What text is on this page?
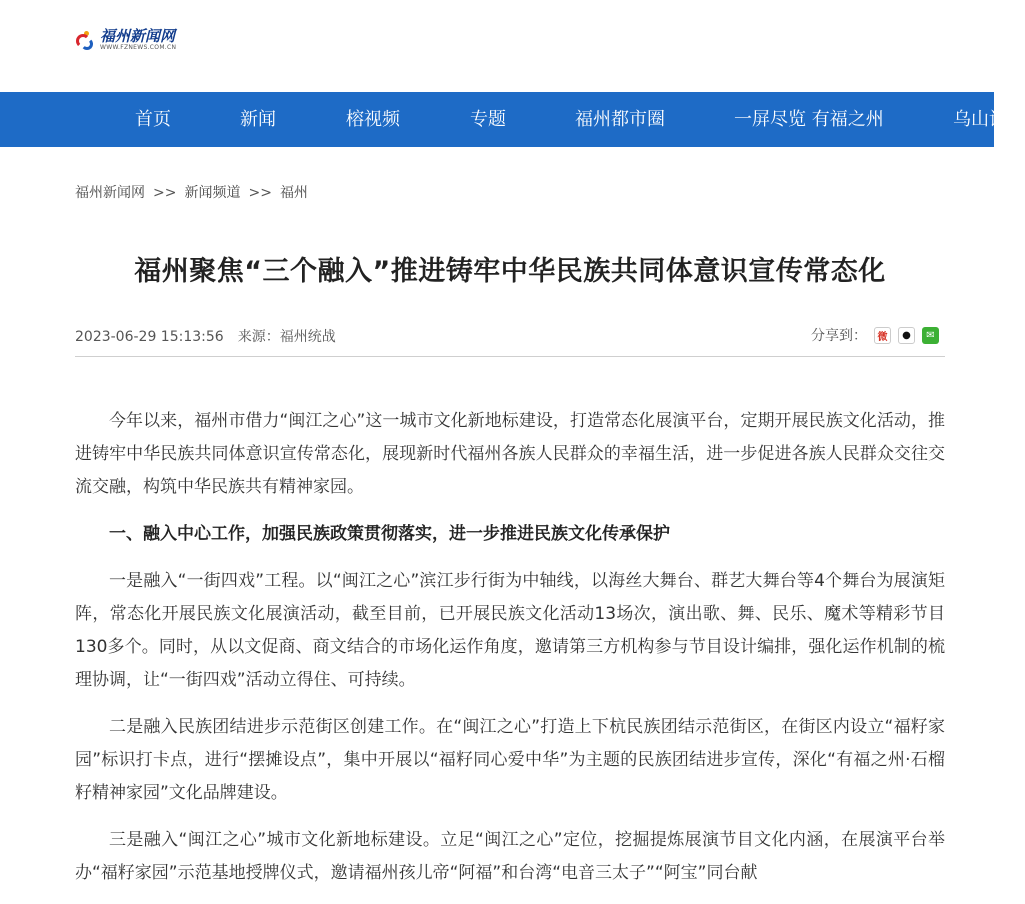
福州新闻网
WWW.FZNEWS.COM.CN
首页	新闻	榕视频	专题	福州都市圈	一屏尽览 有福之州	乌山论坛
福州新闻网 >> 新闻频道 >> 福州
福州聚焦“三个融入”推进铸牢中华民族共同体意识宣传常态化
2023-06-29 15:13:56 来源：福州统战	分享到：	微	●	✉

今年以来，福州市借力“闽江之心”这一城市文化新地标建设，打造常态化展演平台，定期开展民族文化活动，推进铸牢中华民族共同体意识宣传常态化，展现新时代福州各族人民群众的幸福生活，进一步促进各族人民群众交往交流交融，构筑中华民族共有精神家园。

一、融入中心工作，加强民族政策贯彻落实，进一步推进民族文化传承保护

一是融入“一街四戏”工程。以“闽江之心”滨江步行街为中轴线，以海丝大舞台、群艺大舞台等4个舞台为展演矩阵，常态化开展民族文化展演活动，截至目前，已开展民族文化活动13场次，演出歌、舞、民乐、魔术等精彩节目130多个。同时，从以文促商、商文结合的市场化运作角度，邀请第三方机构参与节目设计编排，强化运作机制的梳理协调，让“一街四戏”活动立得住、可持续。

二是融入民族团结进步示范街区创建工作。在“闽江之心”打造上下杭民族团结示范街区，在街区内设立“福籽家园”标识打卡点，进行“摆摊设点”，集中开展以“福籽同心爱中华”为主题的民族团结进步宣传，深化“有福之州·石榴籽精神家园”文化品牌建设。

三是融入“闽江之心”城市文化新地标建设。立足“闽江之心”定位，挖掘提炼展演节目文化内涵，在展演平台举办“福籽家园”示范基地授牌仪式，邀请福州孩儿帝“阿福”和台湾“电音三太子”“阿宝”同台献
